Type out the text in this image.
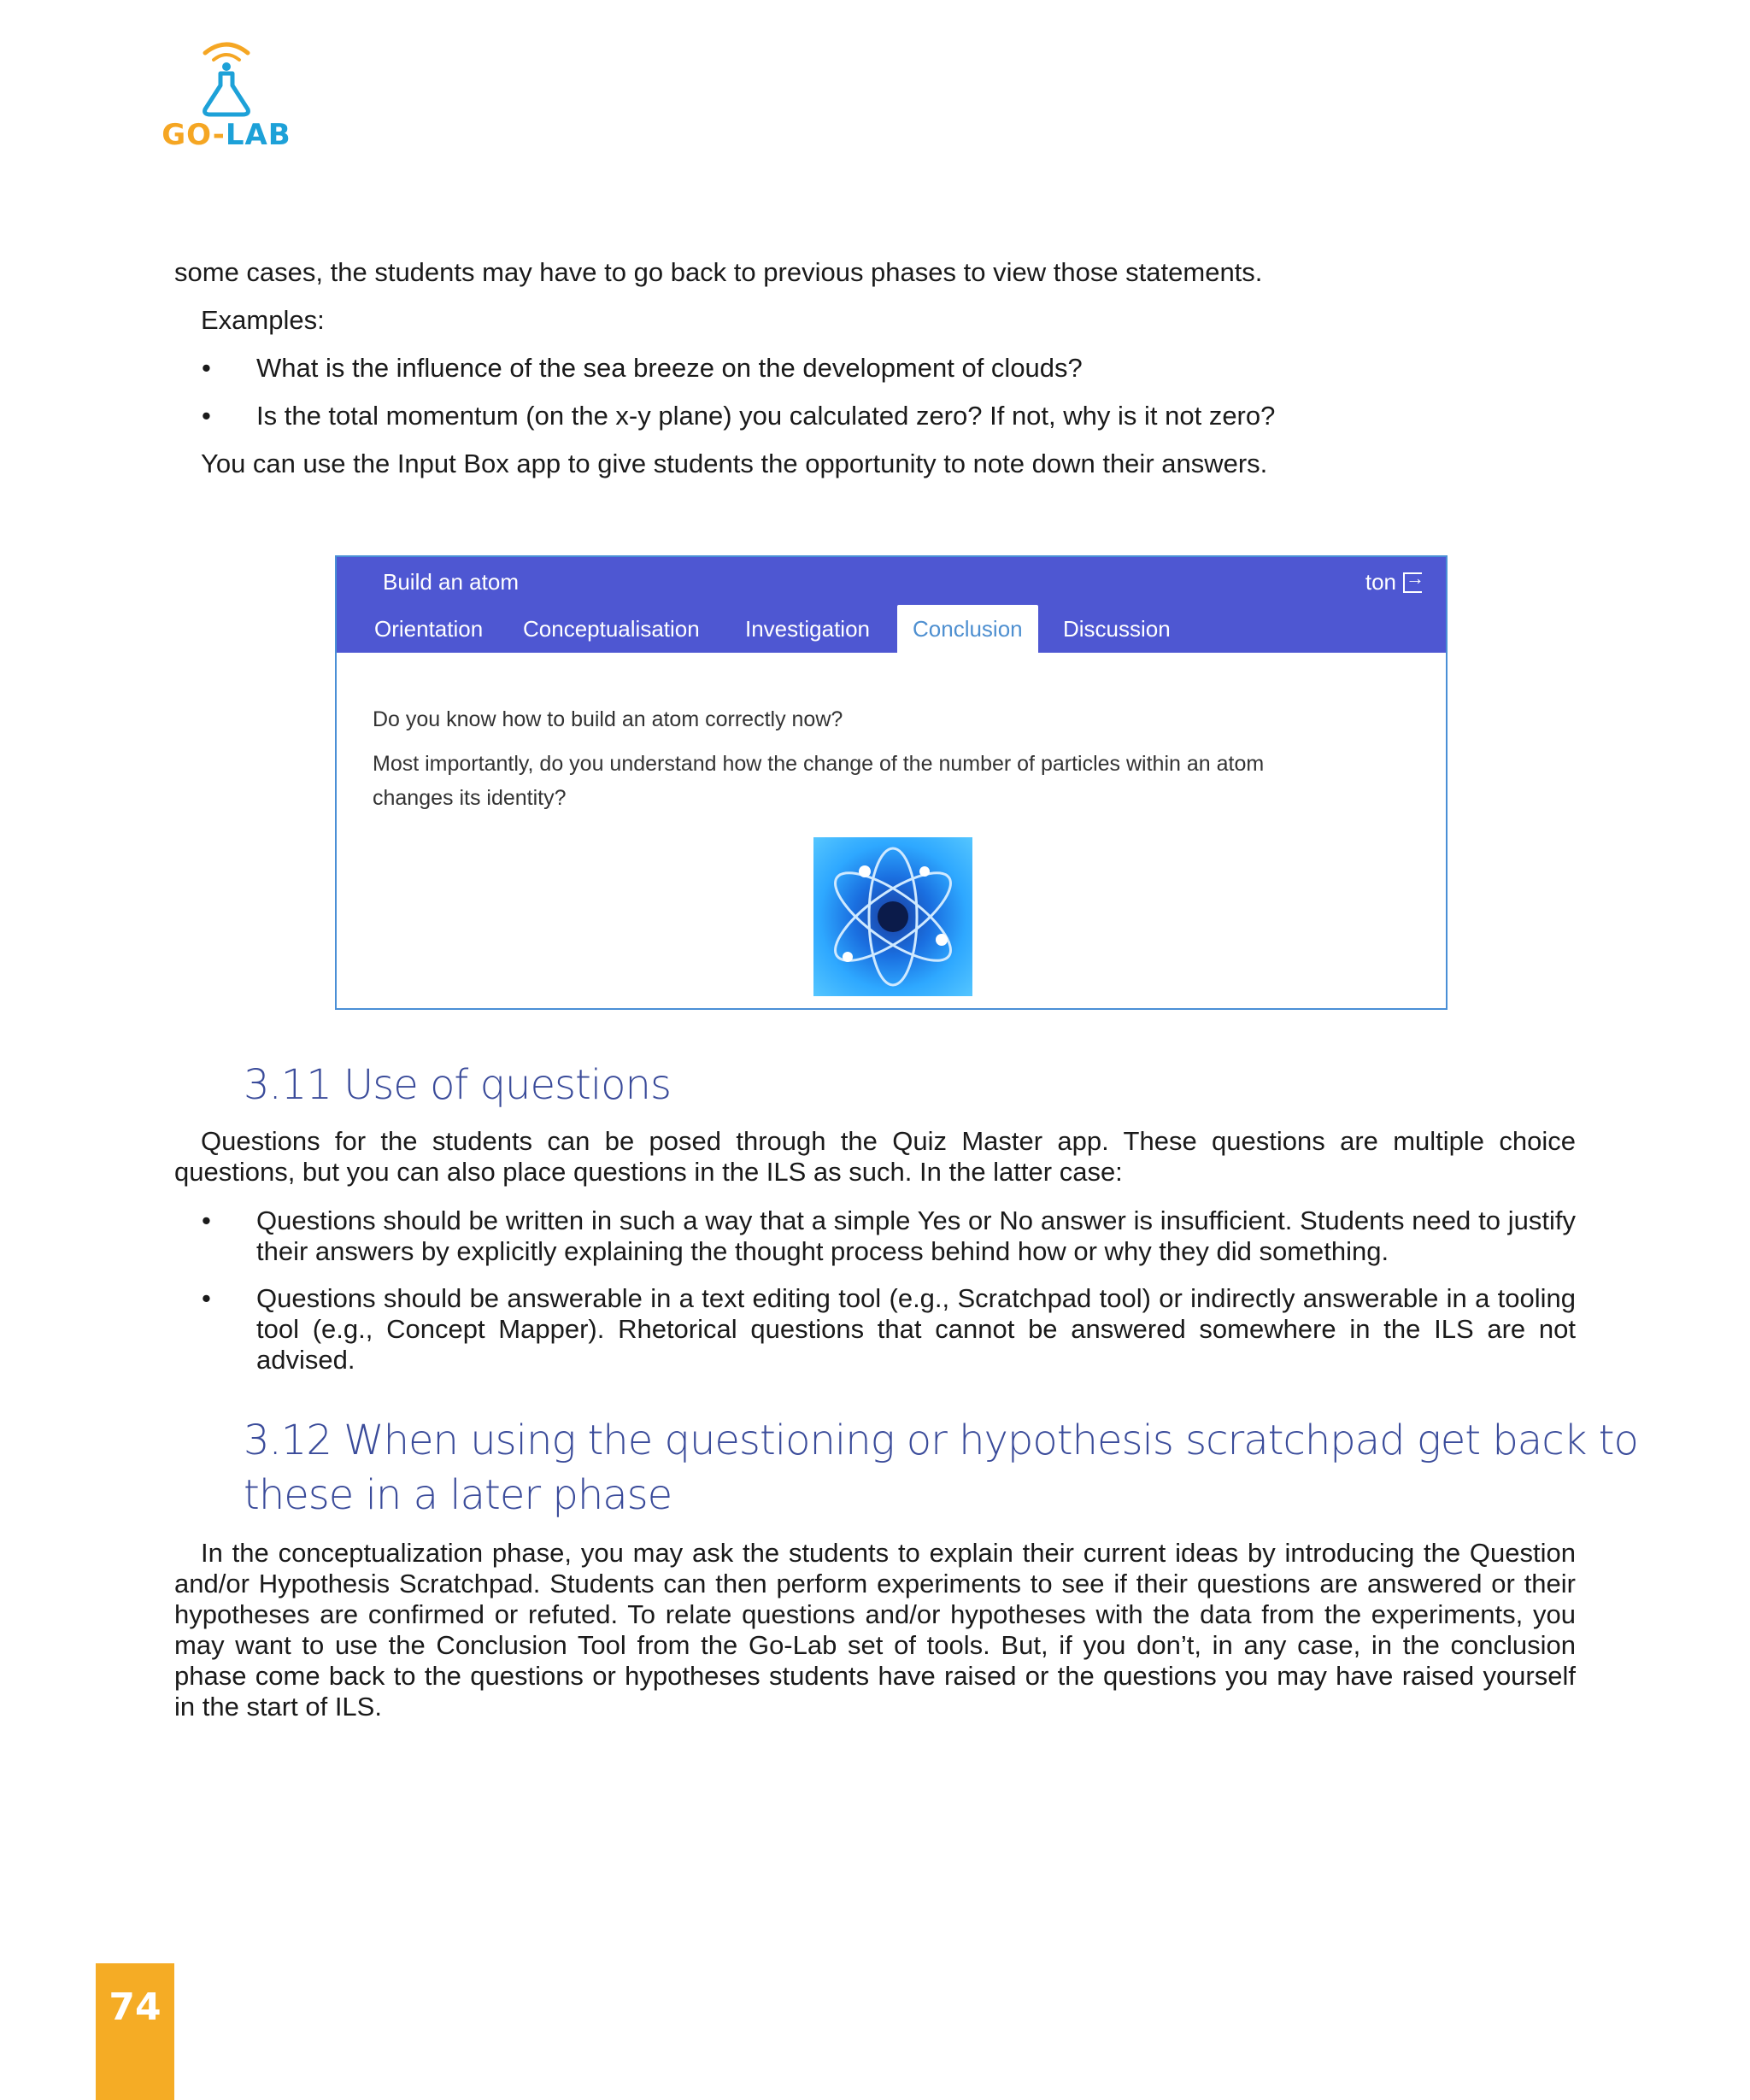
GO-LAB
some cases, the students may have to go back to previous phases to view those statements.
Examples:
• What is the influence of the sea breeze on the development of clouds?
• Is the total momentum (on the x-y plane) you calculated zero? If not, why is it not zero?
You can use the Input Box app to give students the opportunity to note down their answers.
Build an atom	ton→
Orientation Conceptualisation Investigation	Conclusion	Discussion
Do you know how to build an atom correctly now?
Most importantly, do you understand how the change of the number of particles within an atom
changes its identity?
3.11 Use of questions
Questions for the students can be posed through the Quiz Master app. These questions are multiple choice questions, but you can also place questions in the ILS as such. In the latter case:
• Questions should be written in such a way that a simple Yes or No answer is insufficient. Students need to justify their answers by explicitly explaining the thought process behind how or why they did something.
• Questions should be answerable in a text editing tool (e.g., Scratchpad tool) or indirectly answerable in a tooling tool (e.g., Concept Mapper). Rhetorical questions that cannot be answered somewhere in the ILS are not advised.
3.12 When using the questioning or hypothesis scratchpad get back to
these in a later phase
In the conceptualization phase, you may ask the students to explain their current ideas by introducing the Question and/or Hypothesis Scratchpad. Students can then perform experiments to see if their questions are answered or their hypotheses are confirmed or refuted. To relate questions and/or hypotheses with the data from the experiments, you may want to use the Conclusion Tool from the Go-Lab set of tools. But, if you don’t, in any case, in the conclusion phase come back to the questions or hypotheses students have raised or the questions you may have raised yourself in the start of ILS.
74
